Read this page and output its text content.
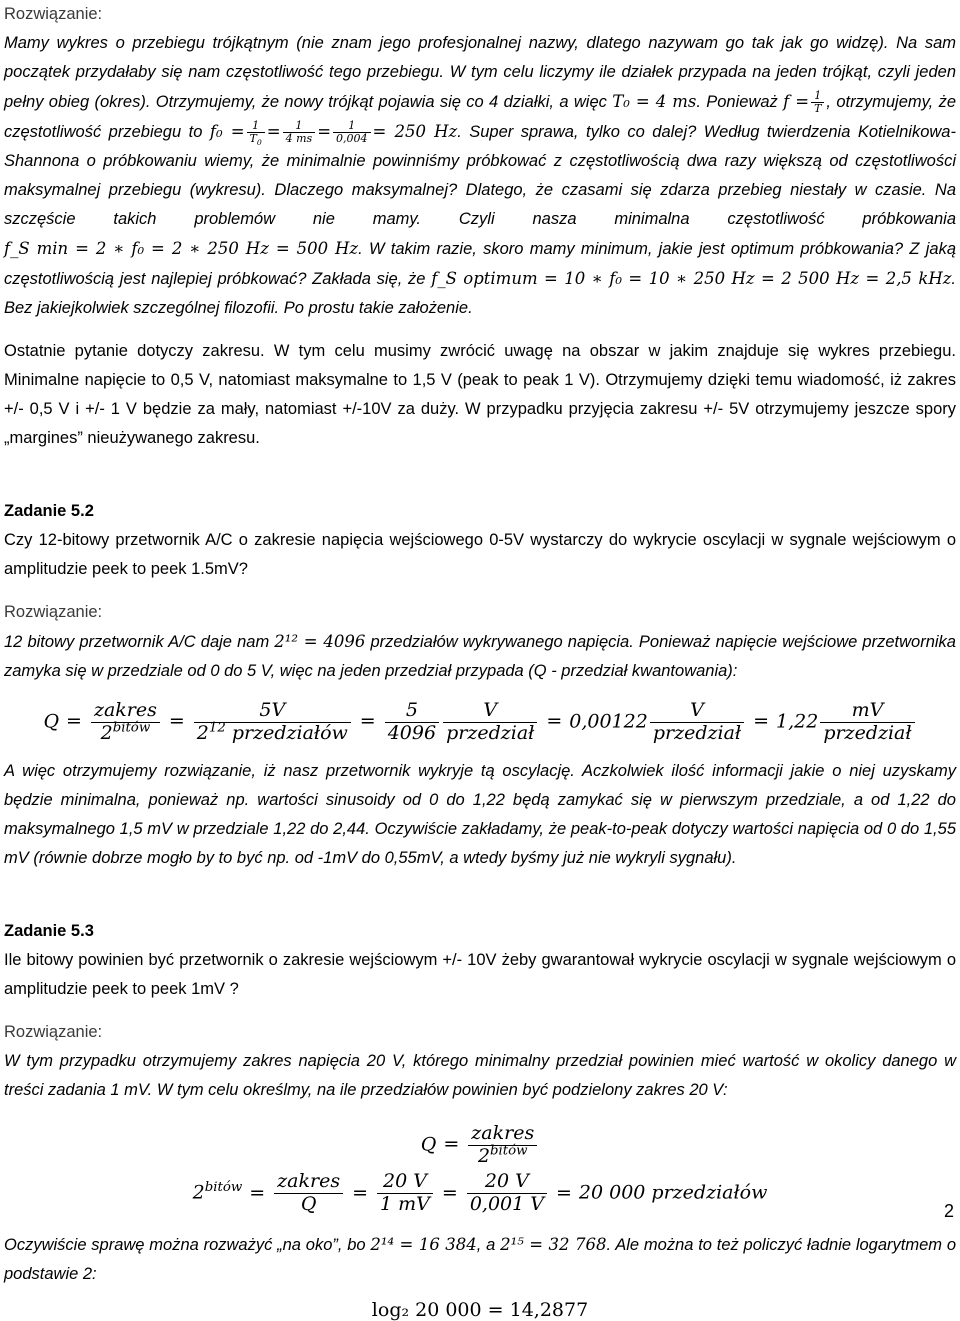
Rozwiązanie:

Mamy wykres o przebiegu trójkątnym (nie znam jego profesjonalnej nazwy, dlatego nazywam go tak jak go widzę). Na sam początek przydałaby się nam częstotliwość tego przebiegu. W tym celu liczymy ile działek przypada na jeden trójkąt, czyli jeden pełny obieg (okres). Otrzymujemy, że nowy trójkąt pojawia się co 4 działki, a więc T₀ = 4 ms. Ponieważ $f = \frac{1}{T}$ , otrzymujemy, że częstotliwość przebiegu to $f_0 = \frac{1}{T_0} = \frac{1}{4 ms} = \frac{1}{0,004} = 250$ Hz. Super sprawa, tylko co dalej? Według twierdzenia Kotielnikowa-Shannona o próbkowaniu wiemy, że minimalnie powinniśmy próbkować z częstotliwością dwa razy większą od częstotliwości maksymalnej przebiegu (wykresu). Dlaczego maksymalnej? Dlatego, że czasami się zdarza przebieg niestały w czasie. Na szczęście takich problemów nie mamy. Czyli nasza minimalna częstotliwość próbkowania f_S min = 2 ∗ f₀ = 2 ∗ 250 Hz = 500 Hz. W takim razie, skoro mamy minimum, jakie jest optimum próbkowania? Z jaką częstotliwością jest najlepiej próbkować? Zakłada się, że f_S optimum = 10 ∗ f₀ = 10 ∗ 250 Hz = 2 500 Hz = 2,5 kHz. Bez jakiejkolwiek szczególnej filozofii. Po prostu takie założenie.

Ostatnie pytanie dotyczy zakresu. W tym celu musimy zwrócić uwagę na obszar w jakim znajduje się wykres przebiegu. Minimalne napięcie to 0,5 V, natomiast maksymalne to 1,5 V (peak to peak 1 V). Otrzymujemy dzięki temu wiadomość, iż zakres +/- 0,5 V i +/- 1 V będzie za mały, natomiast +/-10V za duży. W przypadku przyjęcia zakresu +/- 5V otrzymujemy jeszcze spory „margines” nieużywanego zakresu.

Zadanie 5.2

Czy 12-bitowy przetwornik A/C o zakresie napięcia wejściowego 0-5V wystarczy do wykrycie oscylacji w sygnale wejściowym o amplitudzie peek to peek 1.5mV?

Rozwiązanie:

12 bitowy przetwornik A/C daje nam 2¹² = 4096 przedziałów wykrywanego napięcia. Ponieważ napięcie wejściowe przetwornika zamyka się w przedziale od 0 do 5 V, więc na jeden przedział przypada (Q - przedział kwantowania):

$Q = \frac{\text{zakres}}{2^{bitów}} = \frac{5V}{2^{12} przedziałów} = \frac{5}{4096} \frac{V}{\text{przedział}} = 0,00122 \frac{V}{\text{przedział}} = 1,22 \frac{mV}{\text{przedział}}$

A więc otrzymujemy rozwiązanie, iż nasz przetwornik wykryje tą oscylację. Aczkolwiek ilość informacji jakie o niej uzyskamy będzie minimalna, ponieważ np. wartości sinusoidy od 0 do 1,22 będą zamykać się w pierwszym przedziale, a od 1,22 do maksymalnego 1,5 mV w przedziale 1,22 do 2,44. Oczywiście zakładamy, że peak-to-peak dotyczy wartości napięcia od 0 do 1,55 mV (równie dobrze mogło by to być np. od -1mV do 0,55mV, a wtedy byśmy już nie wykryli sygnału).

Zadanie 5.3

Ile bitowy powinien być przetwornik o zakresie wejściowym +/- 10V żeby gwarantował wykrycie oscylacji w sygnale wejściowym o amplitudzie peek to peek 1mV ?

Rozwiązanie:

W tym przypadku otrzymujemy zakres napięcia 20 V, którego minimalny przedział powinien mieć wartość w okolicy danego w treści zadania 1 mV. W tym celu określmy, na ile przedziałów powinien być podzielony zakres 20 V:

$Q = \frac{\text{zakres}}{2^{bitów}}$
$2^{bitów} = \frac{\text{zakres}}{Q} = \frac{20 V}{1 mV} = \frac{20 V}{0,001 V} = 20$ 000 przedziałów

Oczywiście sprawę można rozważyć „na oko”, bo 2¹⁴ = 16 384, a 2¹⁵ = 32 768. Ale można to też policzyć ładnie logarytmem o podstawie 2:

log₂ 20 000 = 14,2877
2
